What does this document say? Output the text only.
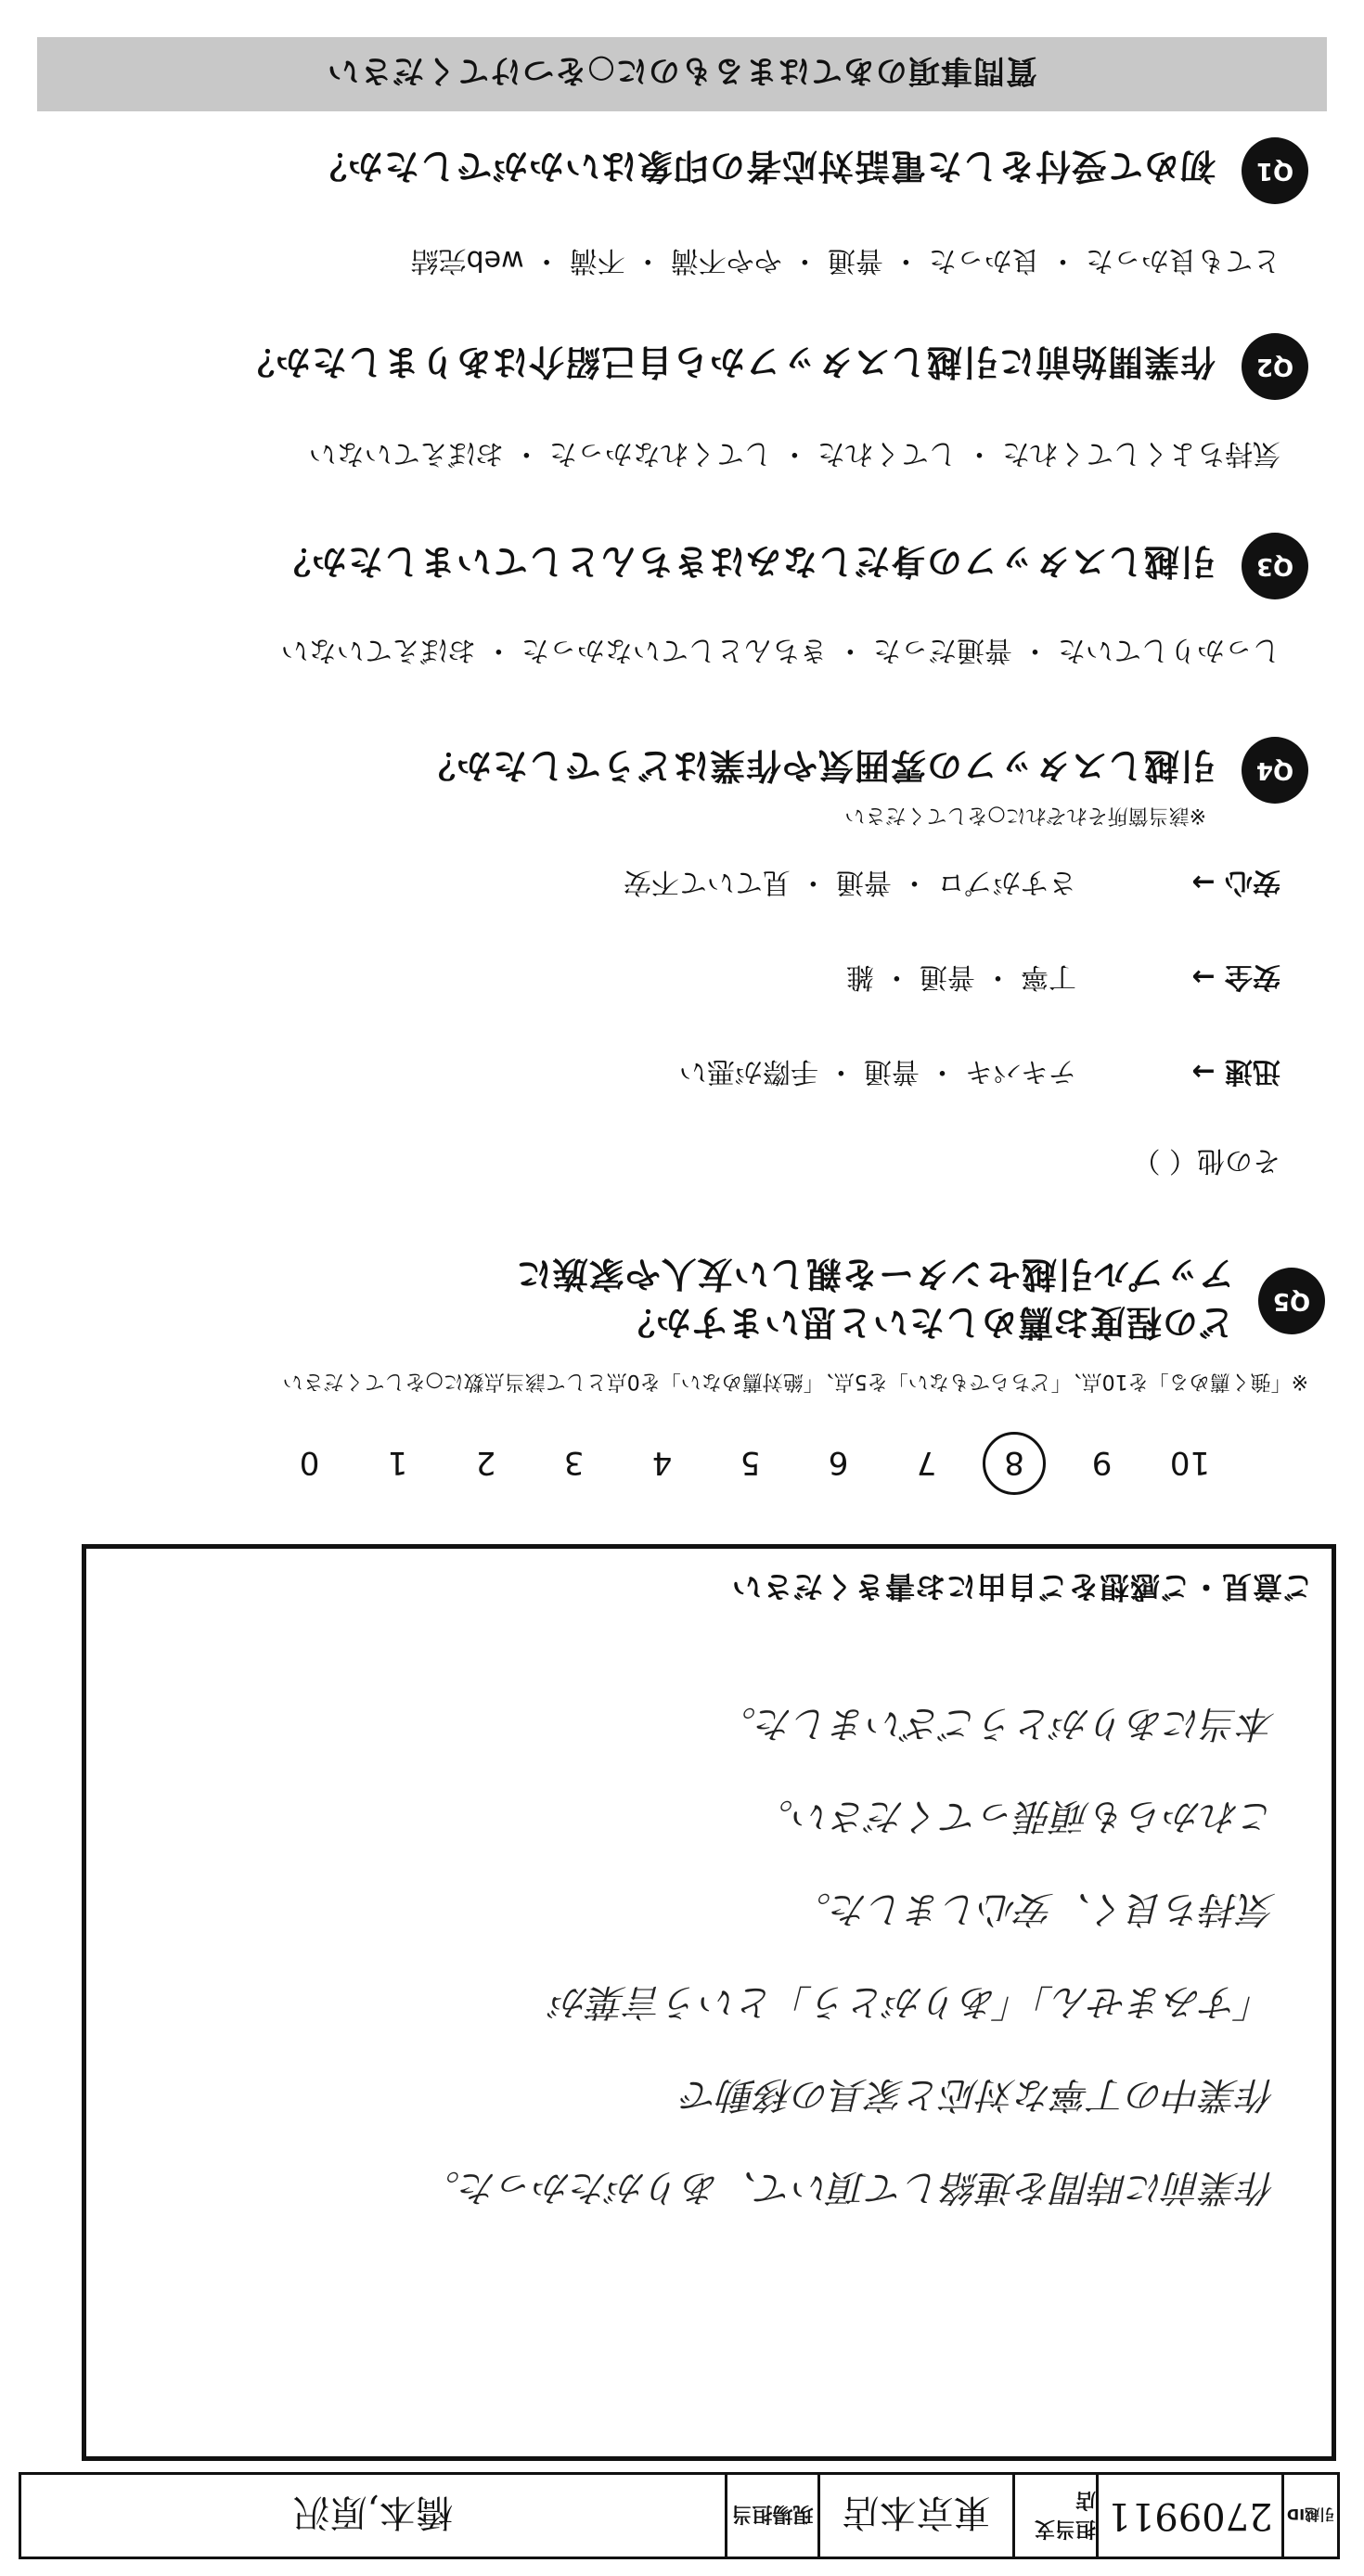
引越ID
2709911
担当支店
東京本店
現場担当
橋本,原沢
作業前に時間を連絡して頂いて、ありがたかった。
作業中の丁寧な対応と家具の移動で
「すみません」「ありがとう」という言葉が
気持ち良く、安心しました。
これからも頑張ってください。
本当にありがとうございました。
ご意見・ご感想をご自由にお書きください
109876543210
※「強く薦める」を10点、「どちらでもない」を5点、「絶対薦めない」を0点として該当点数に○をしてください
どの程度お薦めしたいと思いますか？
アップル引越センターを親しい友人や家族に
Q5
その他（ ）
迅速 →
テキパキ ・ 普通 ・ 手際が悪い
安全 →
丁寧 ・ 普通 ・ 雑
安心 →
さすがプロ ・ 普通 ・ 見ていて不安
※該当箇所それぞれに○をしてください
引越しスタッフの雰囲気や作業はどうでしたか？	Q4
しっかりしていた ・ 普通だった ・ きちんとしていなかった ・ おぼえていない
引越しスタッフの身だしなみはきちんとしていましたか？	Q3
気持ちよくしてくれた ・ してくれた ・ してくれなかった ・ おぼえていない
作業開始前に引越しスタッフから自己紹介はありましたか？	Q2
とても良かった ・ 良かった ・ 普通 ・ やや不満 ・ 不満 ・ web完結
初めて受付をした電話対応者の印象はいかがでしたか？	Q1
質問事項のあてはまるものに○をつけてください
